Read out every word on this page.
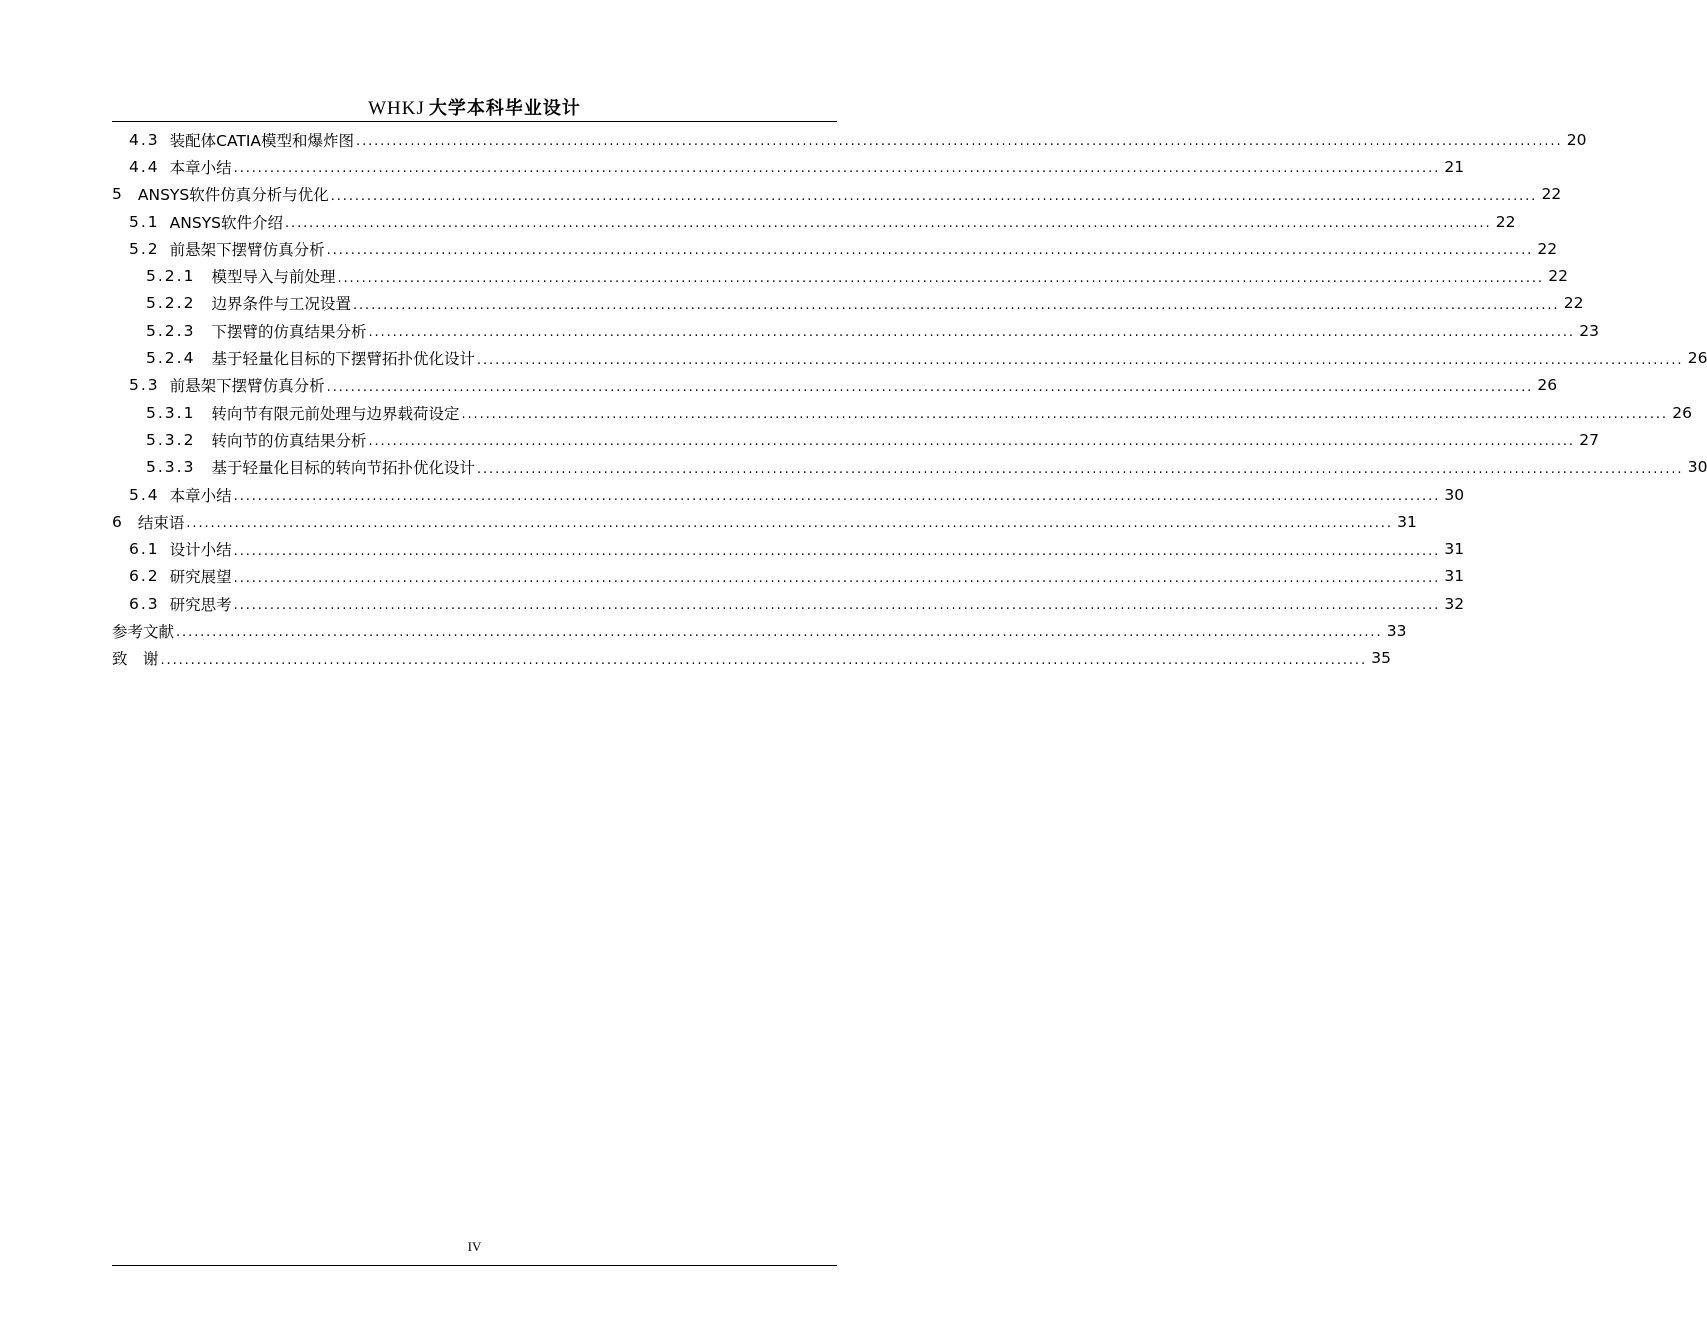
WHKJ 大学本科毕业设计
4.3 装配体CATIA模型和爆炸图 ........................................................................................................................................................................................................ 20
4.4 本章小结 ........................................................................................................................................................................................................ 21
5 ANSYS软件仿真分析与优化 ........................................................................................................................................................................................................ 22
5.1 ANSYS软件介绍 ........................................................................................................................................................................................................ 22
5.2 前悬架下摆臂仿真分析 ........................................................................................................................................................................................................ 22
5.2.1 模型导入与前处理 ........................................................................................................................................................................................................ 22
5.2.2 边界条件与工况设置 ........................................................................................................................................................................................................ 22
5.2.3 下摆臂的仿真结果分析 ........................................................................................................................................................................................................ 23
5.2.4 基于轻量化目标的下摆臂拓扑优化设计 ........................................................................................................................................................................................................ 26
5.3 前悬架下摆臂仿真分析 ........................................................................................................................................................................................................ 26
5.3.1 转向节有限元前处理与边界载荷设定 ........................................................................................................................................................................................................ 26
5.3.2 转向节的仿真结果分析 ........................................................................................................................................................................................................ 27
5.3.3 基于轻量化目标的转向节拓扑优化设计 ........................................................................................................................................................................................................ 30
5.4 本章小结 ........................................................................................................................................................................................................ 30
6 结束语 ........................................................................................................................................................................................................ 31
6.1 设计小结 ........................................................................................................................................................................................................ 31
6.2 研究展望 ........................................................................................................................................................................................................ 31
6.3 研究思考 ........................................................................................................................................................................................................ 32
参考文献 ........................................................................................................................................................................................................ 33
致　谢 ........................................................................................................................................................................................................ 35
IV
